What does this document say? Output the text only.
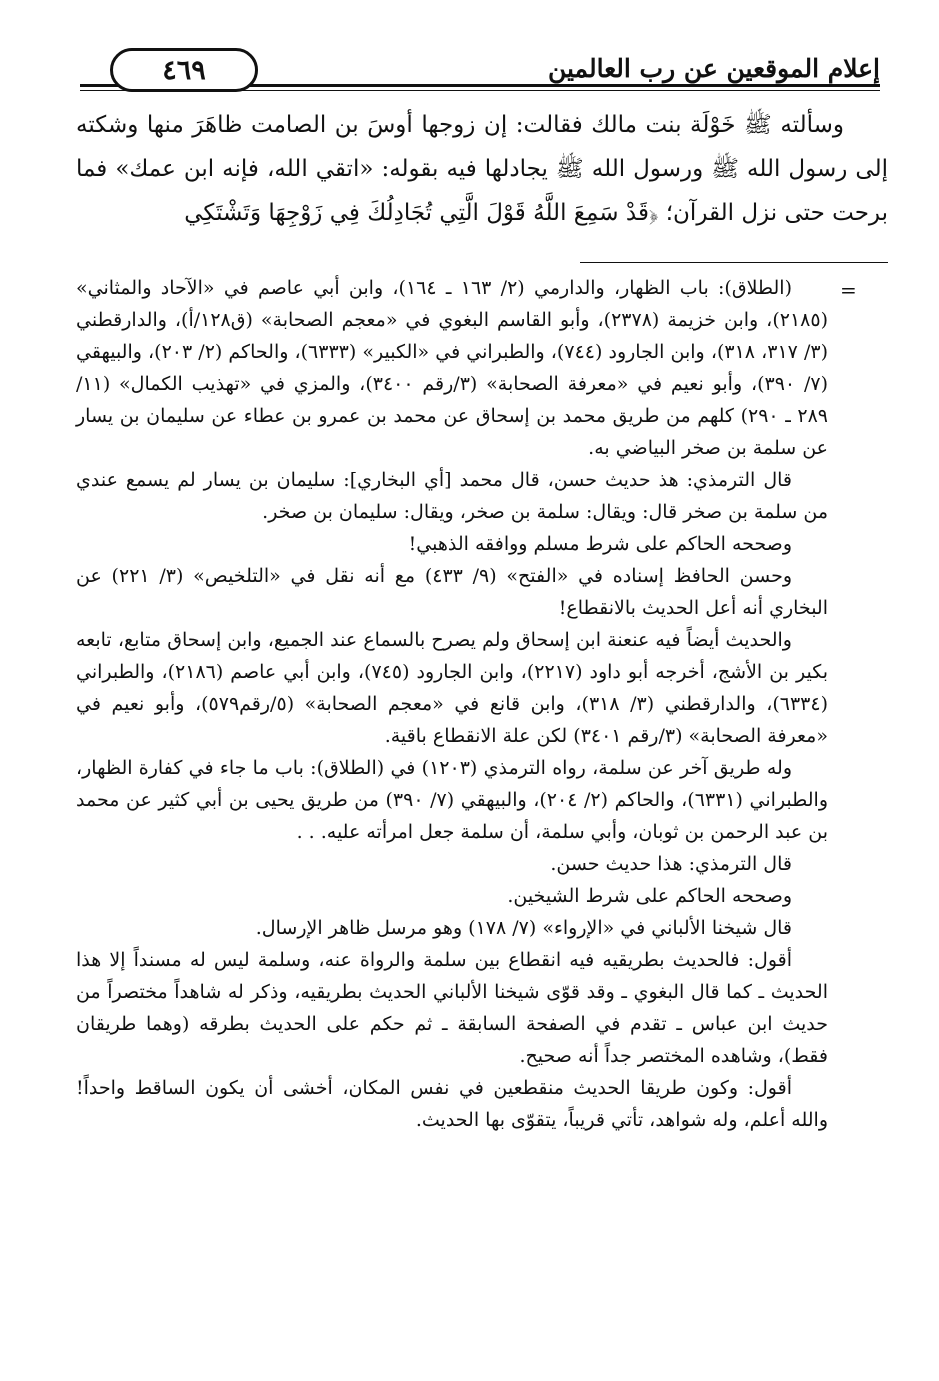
إعلام الموقعين عن رب العالمين
٤٦٩

وسألته ﷺ خَوْلَة بنت مالك فقالت: إن زوجها أوسَ بن الصامت ظاهَرَ منها وشكته إلى رسول الله ﷺ ورسول الله ﷺ يجادلها فيه بقوله: «اتقي الله، فإنه ابن عمك» فما برحت حتى نزل القرآن؛ ﴿قَدْ سَمِعَ اللَّهُ قَوْلَ الَّتِي تُجَادِلُكَ فِي زَوْجِهَا وَتَشْتَكِي

=

(الطلاق): باب الظهار، والدارمي (٢/ ١٦٣ ـ ١٦٤)، وابن أبي عاصم في «الآحاد والمثاني» (٢١٨٥)، وابن خزيمة (٢٣٧٨)، وأبو القاسم البغوي في «معجم الصحابة» (ق١٢٨/أ)، والدارقطني (٣/ ٣١٧، ٣١٨)، وابن الجارود (٧٤٤)، والطبراني في «الكبير» (٦٣٣٣)، والحاكم (٢/ ٢٠٣)، والبيهقي (٧/ ٣٩٠)، وأبو نعيم في «معرفة الصحابة» (٣/رقم ٣٤٠٠)، والمزي في «تهذيب الكمال» (١١/ ٢٨٩ ـ ٢٩٠) كلهم من طريق محمد بن إسحاق عن محمد بن عمرو بن عطاء عن سليمان بن يسار عن سلمة بن صخر البياضي به.

قال الترمذي: هذ حديث حسن، قال محمد [أي البخاري]: سليمان بن يسار لم يسمع عندي من سلمة بن صخر قال: ويقال: سلمة بن صخر، ويقال: سليمان بن صخر.

وصححه الحاكم على شرط مسلم ووافقه الذهبي!

وحسن الحافظ إسناده في «الفتح» (٩/ ٤٣٣) مع أنه نقل في «التلخيص» (٣/ ٢٢١) عن البخاري أنه أعل الحديث بالانقطاع!

والحديث أيضاً فيه عنعنة ابن إسحاق ولم يصرح بالسماع عند الجميع، وابن إسحاق متابع، تابعه بكير بن الأشج، أخرجه أبو داود (٢٢١٧)، وابن الجارود (٧٤٥)، وابن أبي عاصم (٢١٨٦)، والطبراني (٦٣٣٤)، والدارقطني (٣/ ٣١٨)، وابن قانع في «معجم الصحابة» (٥/رقم٥٧٩)، وأبو نعيم في «معرفة الصحابة» (٣/رقم ٣٤٠١) لكن علة الانقطاع باقية.

وله طريق آخر عن سلمة، رواه الترمذي (١٢٠٣) في (الطلاق): باب ما جاء في كفارة الظهار، والطبراني (٦٣٣١)، والحاكم (٢/ ٢٠٤)، والبيهقي (٧/ ٣٩٠) من طريق يحيى بن أبي كثير عن محمد بن عبد الرحمن بن ثوبان، وأبي سلمة، أن سلمة جعل امرأته عليه. . .

قال الترمذي: هذا حديث حسن.

وصححه الحاكم على شرط الشيخين.

قال شيخنا الألباني في «الإرواء» (٧/ ١٧٨) وهو مرسل ظاهر الإرسال.

أقول: فالحديث بطريقيه فيه انقطاع بين سلمة والرواة عنه، وسلمة ليس له مسنداً إلا هذا الحديث ـ كما قال البغوي ـ وقد قوّى شيخنا الألباني الحديث بطريقيه، وذكر له شاهداً مختصراً من حديث ابن عباس ـ تقدم في الصفحة السابقة ـ ثم حكم على الحديث بطرقه (وهما طريقان فقط)، وشاهده المختصر جداً أنه صحيح.

أقول: وكون طريقا الحديث منقطعين في نفس المكان، أخشى أن يكون الساقط واحداً! والله أعلم، وله شواهد، تأتي قريباً، يتقوّى بها الحديث.
